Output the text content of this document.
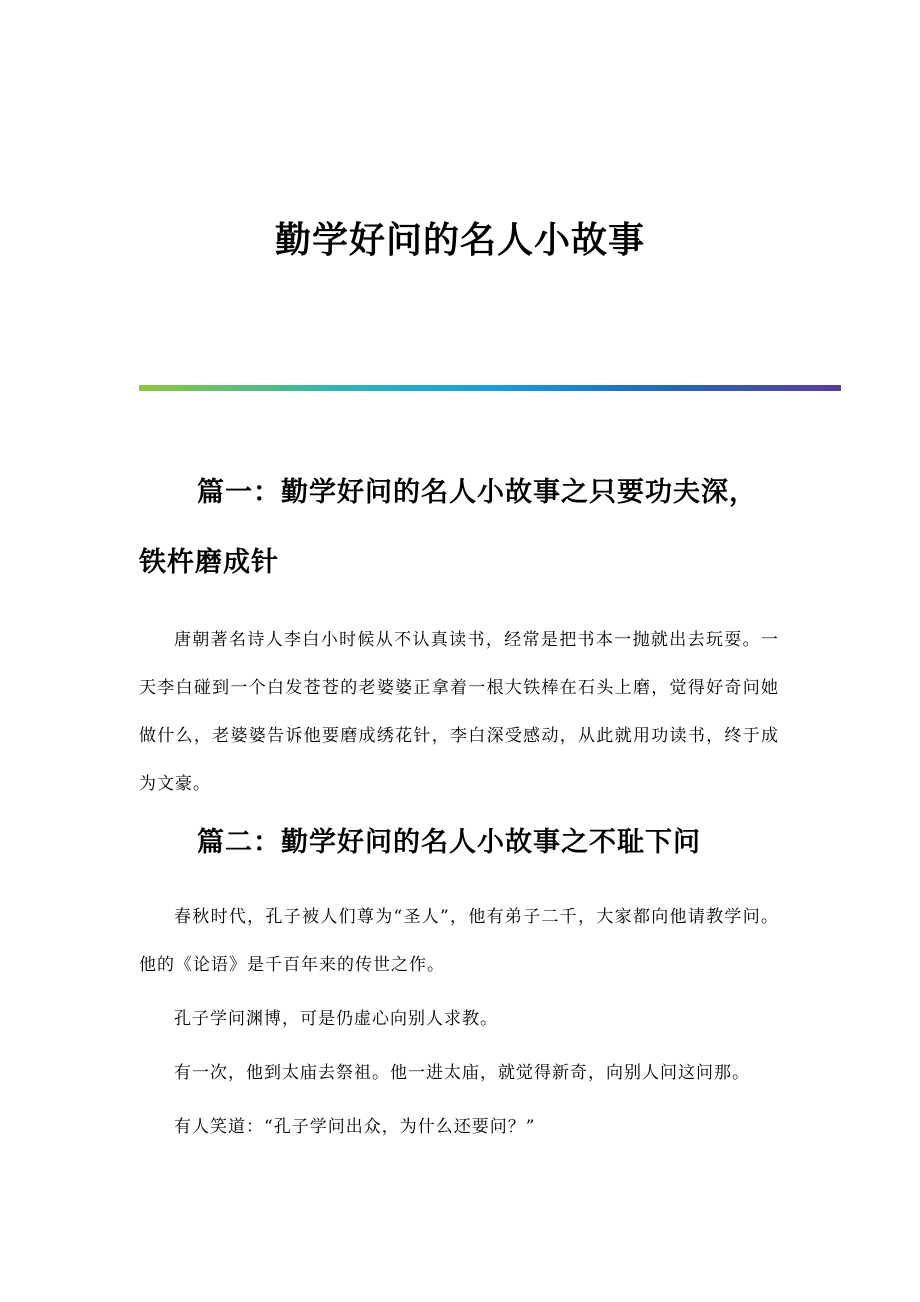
勤学好问的名人小故事
篇一：勤学好问的名人小故事之只要功夫深，铁杵磨成针

唐朝著名诗人李白小时候从不认真读书，经常是把书本一抛就出去玩耍。一天李白碰到一个白发苍苍的老婆婆正拿着一根大铁棒在石头上磨，觉得好奇问她做什么，老婆婆告诉他要磨成绣花针，李白深受感动，从此就用功读书，终于成为文豪。

篇二：勤学好问的名人小故事之不耻下问

春秋时代，孔子被人们尊为“圣人”，他有弟子二千，大家都向他请教学问。他的《论语》是千百年来的传世之作。

孔子学问渊博，可是仍虚心向别人求教。

有一次，他到太庙去祭祖。他一进太庙，就觉得新奇，向别人问这问那。

有人笑道：“孔子学问出众，为什么还要问？”
